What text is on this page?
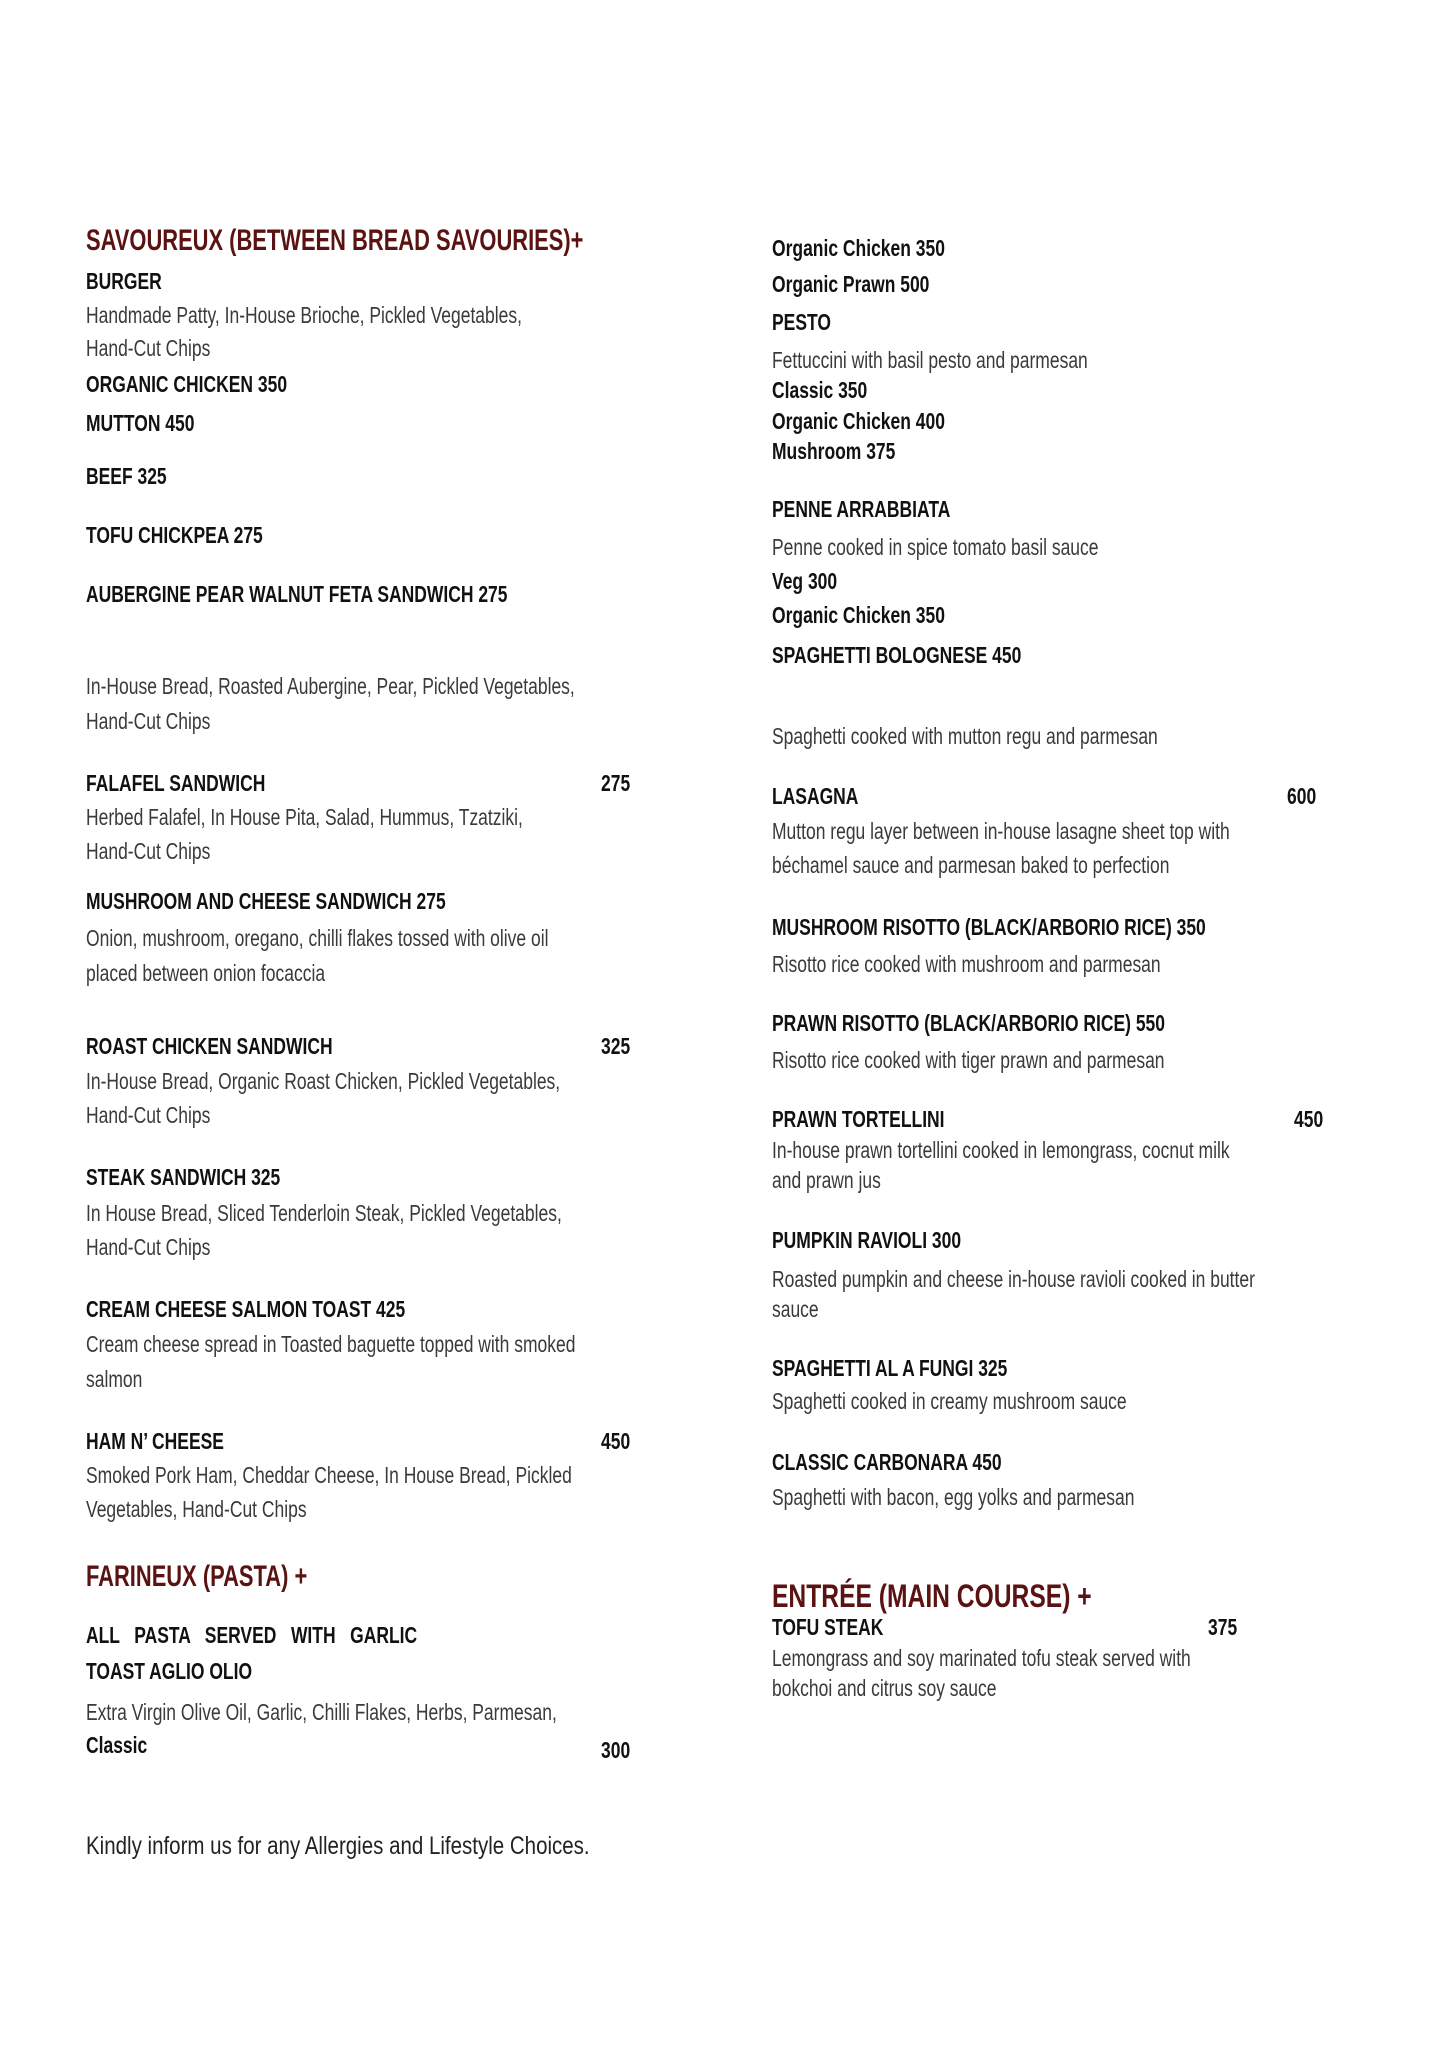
SAVOUREUX (BETWEEN BREAD SAVOURIES)+
BURGER
Handmade Patty, In-House Brioche, Pickled Vegetables,
Hand-Cut Chips
ORGANIC CHICKEN 350
MUTTON 450
BEEF 325
TOFU CHICKPEA 275
AUBERGINE PEAR WALNUT FETA SANDWICH 275
In-House Bread, Roasted Aubergine, Pear, Pickled Vegetables,
Hand-Cut Chips
FALAFEL SANDWICH	275
Herbed Falafel, In House Pita, Salad, Hummus, Tzatziki,
Hand-Cut Chips
MUSHROOM AND CHEESE SANDWICH 275
Onion, mushroom, oregano, chilli flakes tossed with olive oil
placed between onion focaccia
ROAST CHICKEN SANDWICH	325
In-House Bread, Organic Roast Chicken, Pickled Vegetables,
Hand-Cut Chips
STEAK SANDWICH 325
In House Bread, Sliced Tenderloin Steak, Pickled Vegetables,
Hand-Cut Chips
CREAM CHEESE SALMON TOAST 425
Cream cheese spread in Toasted baguette topped with smoked
salmon
HAM N’ CHEESE	450
Smoked Pork Ham, Cheddar Cheese, In House Bread, Pickled
Vegetables, Hand-Cut Chips
FARINEUX (PASTA) +
ALL   PASTA   SERVED   WITH   GARLIC
TOAST AGLIO OLIO
Extra Virgin Olive Oil, Garlic, Chilli Flakes, Herbs, Parmesan,
Classic	300
Kindly inform us for any Allergies and Lifestyle Choices.
Organic Chicken 350
Organic Prawn 500
PESTO
Fettuccini with basil pesto and parmesan
Classic 350
Organic Chicken 400
Mushroom 375
PENNE ARRABBIATA
Penne cooked in spice tomato basil sauce
Veg 300
Organic Chicken 350
SPAGHETTI BOLOGNESE 450
Spaghetti cooked with mutton regu and parmesan
LASAGNA	600
Mutton regu layer between in-house lasagne sheet top with
béchamel sauce and parmesan baked to perfection
MUSHROOM RISOTTO (BLACK/ARBORIO RICE) 350
Risotto rice cooked with mushroom and parmesan
PRAWN RISOTTO (BLACK/ARBORIO RICE) 550
Risotto rice cooked with tiger prawn and parmesan
PRAWN TORTELLINI	450
In-house prawn tortellini cooked in lemongrass, cocnut milk
and prawn jus
PUMPKIN RAVIOLI 300
Roasted pumpkin and cheese in-house ravioli cooked in butter
sauce
SPAGHETTI AL A FUNGI 325
Spaghetti cooked in creamy mushroom sauce
CLASSIC CARBONARA 450
Spaghetti with bacon, egg yolks and parmesan
ENTRÉE (MAIN COURSE) +
TOFU STEAK	375
Lemongrass and soy marinated tofu steak served with
bokchoi and citrus soy sauce
